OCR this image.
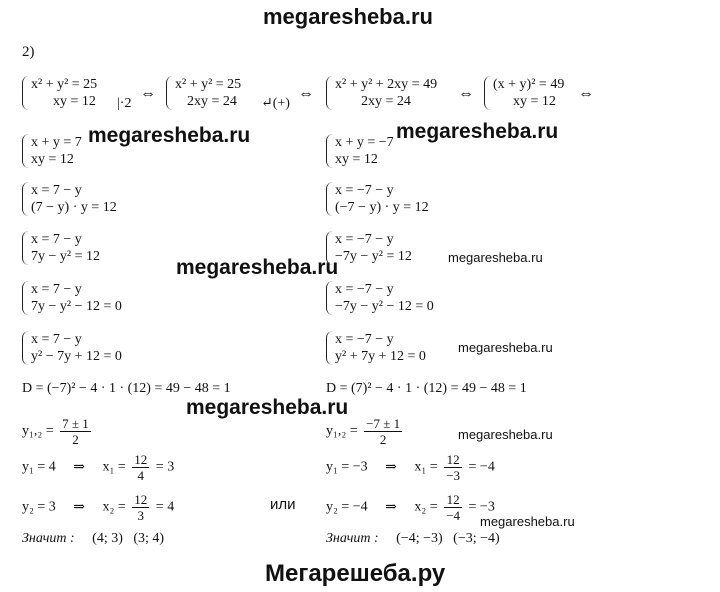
megaresheba.ru
2)
x² + y² = 25
xy = 12 |·2
⇔
x² + y² = 25
2xy = 24	↵(+)
⇔
x² + y² + 2xy = 49
2xy = 24	⇔
(x + y)² = 49
xy = 12	⇔
x + y = 7
xy = 12
x = 7 − y
(7 − y) · y = 12
x = 7 − y
7y − y² = 12
x = 7 − y
7y − y² − 12 = 0
x = 7 − y
y² − 7y + 12 = 0
x + y = −7
xy = 12
x = −7 − y
(−7 − y) · y = 12
x = −7 − y
−7y − y² = 12
x = −7 − y
−7y − y² − 12 = 0
x = −7 − y
y² + 7y + 12 = 0
D = (−7)² − 4 · 1 · (12) = 49 − 48 = 1	D = (7)² − 4 · 1 · (12) = 49 − 48 = 1
$y_1,_2 = \frac{7 \pm 1}{2}$	$y_1,_2 = \frac{-7 \pm 1}{2}$
y₁ = 4 ⇒ $x_1 = \frac{12}{4} = 3$	y₁ = −3 ⇒ $x_1 = \frac{12}{-3} = -4$
y₂ = 3 ⇒ $x_2 = \frac{12}{3} = 4$	или y₂ = −4 ⇒ $x_2 = \frac{12}{-4} = -3$
Значит : (4; 3)   (3; 4)	Значит : (−4; −3)   (−3; −4)
megaresheba.ru	megaresheba.ru
megaresheba.ru	megaresheba.ru
megaresheba.ru
megaresheba.ru
megaresheba.ru
megaresheba.ru
Мегарешеба.ру
